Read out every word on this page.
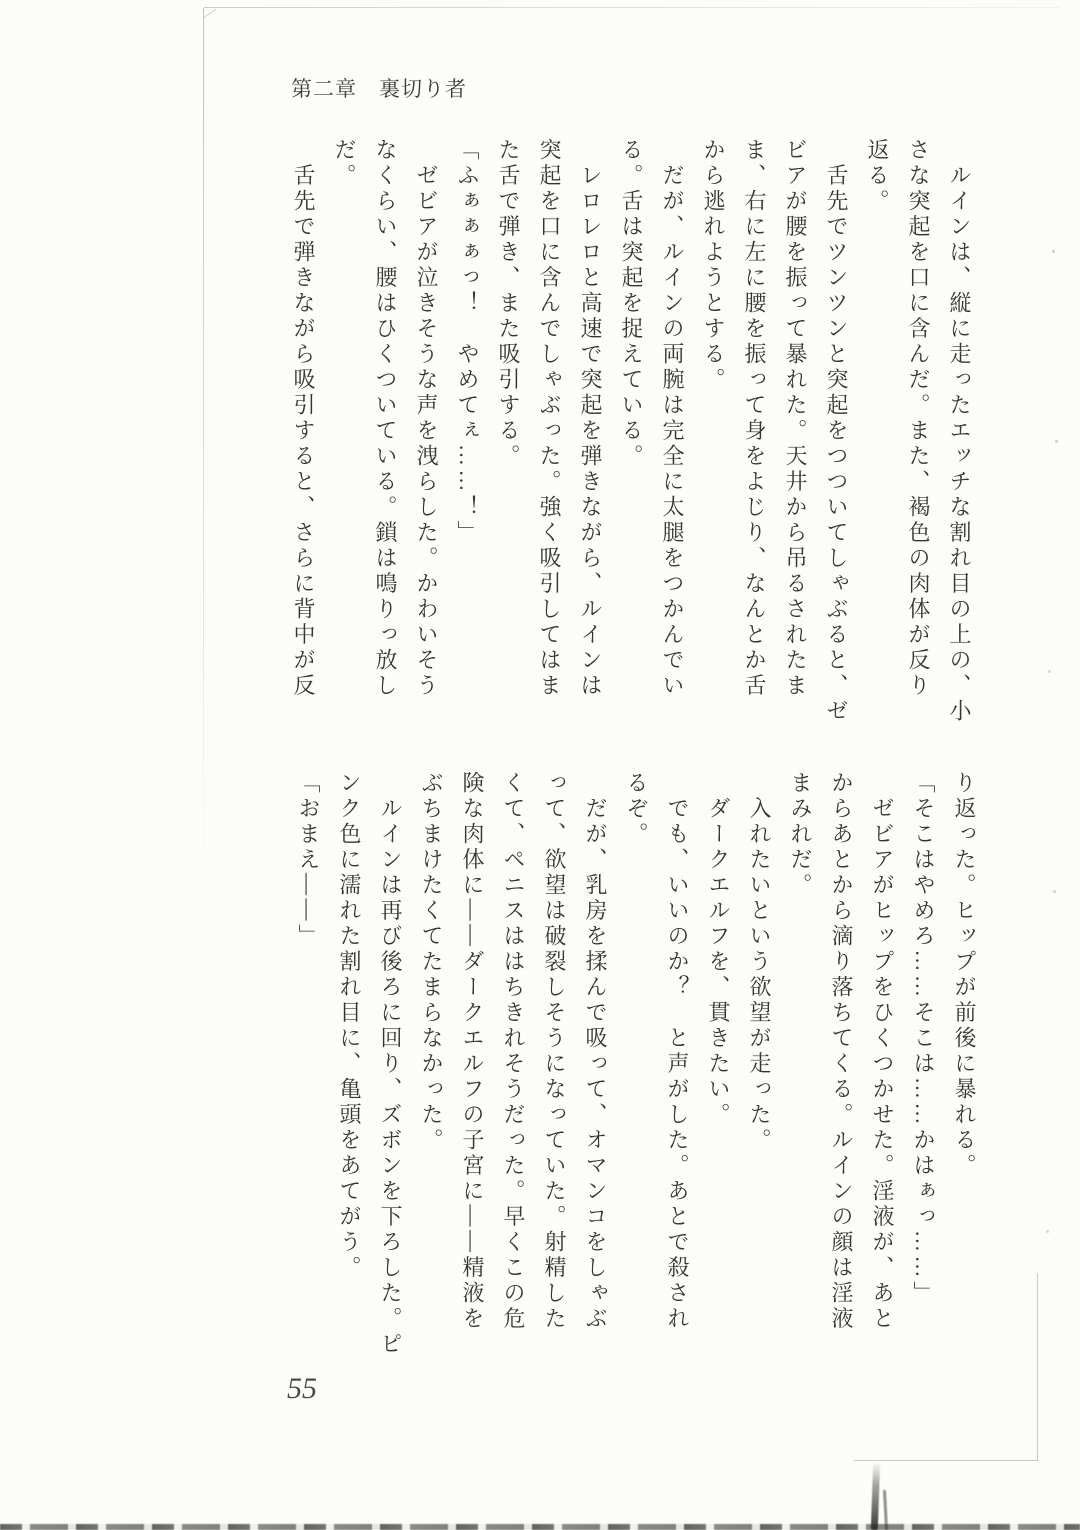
第二章　裏切り者

　ルインは、縦に走ったエッチな割れ目の上の、小

さな突起を口に含んだ。また、褐色の肉体が反り

返る。

　舌先でツンツンと突起をつついてしゃぶると、ゼ

ビアが腰を振って暴れた。天井から吊るされたま

ま、右に左に腰を振って身をよじり、なんとか舌

から逃れようとする。

　だが、ルインの両腕は完全に太腿をつかんでい

る。舌は突起を捉えている。

　レロレロと高速で突起を弾きながら、ルインは

突起を口に含んでしゃぶった。強く吸引してはま

た舌で弾き、また吸引する。

「ふぁぁぁっ！　やめてぇ……！」

　ゼビアが泣きそうな声を洩らした。かわいそう

なくらい、腰はひくついている。鎖は鳴りっ放し

だ。

　舌先で弾きながら吸引すると、さらに背中が反

り返った。ヒップが前後に暴れる。

「そこはやめろ……そこは……かはぁっ……」

　ゼビアがヒップをひくつかせた。淫液が、あと

からあとから滴り落ちてくる。ルインの顔は淫液

まみれだ。

　入れたいという欲望が走った。

　ダークエルフを、貫きたい。

　でも、いいのか？　と声がした。あとで殺され

るぞ。

　だが、乳房を揉んで吸って、オマンコをしゃぶ

って、欲望は破裂しそうになっていた。射精した

くて、ペニスははちきれそうだった。早くこの危

険な肉体に――ダークエルフの子宮に――精液を

ぶちまけたくてたまらなかった。

　ルインは再び後ろに回り、ズボンを下ろした。ピ

ンク色に濡れた割れ目に、亀頭をあてがう。

「おまえ――」

55
